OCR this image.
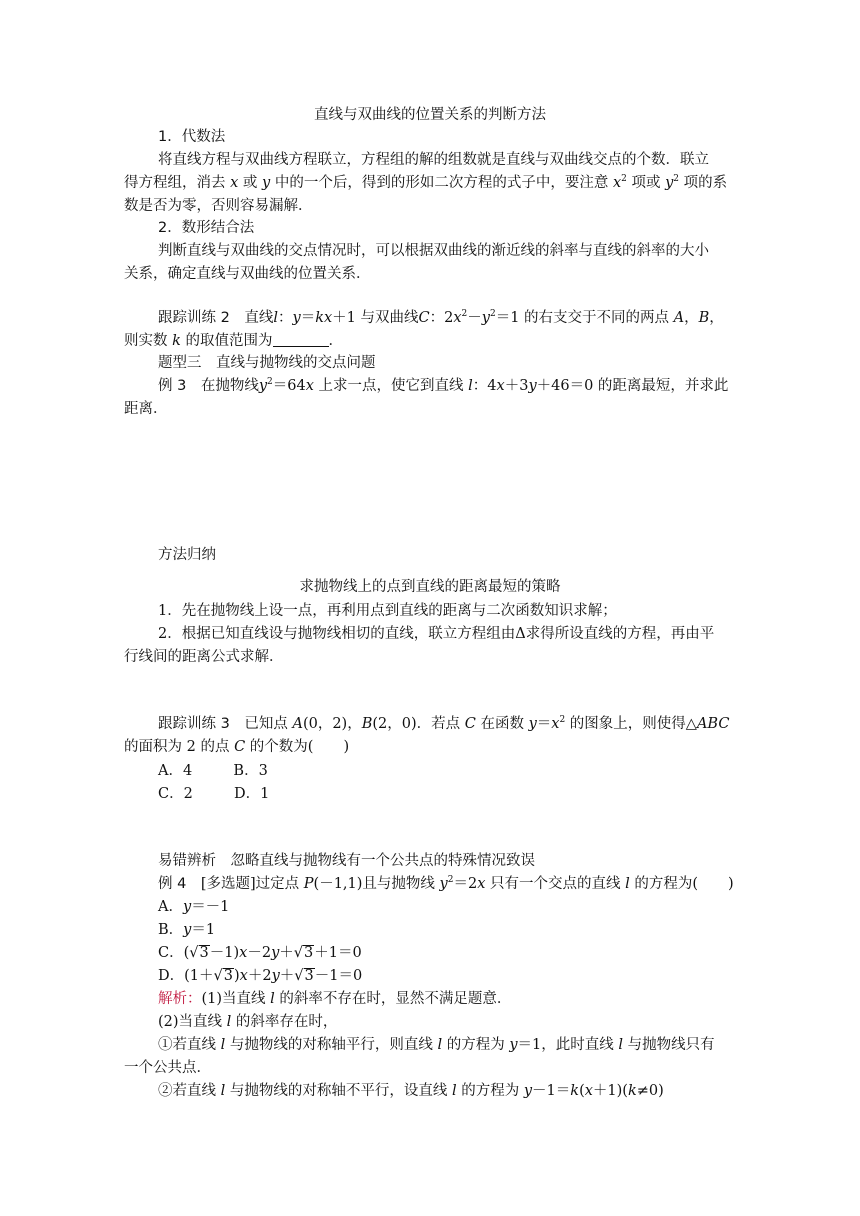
直线与双曲线的位置关系的判断方法
1．代数法
将直线方程与双曲线方程联立，方程组的解的组数就是直线与双曲线交点的个数．联立
得方程组，消去 x 或 y 中的一个后，得到的形如二次方程的式子中，要注意 $x^2$ 项或 $y^2$ 项的系
数是否为零，否则容易漏解．
2．数形结合法
判断直线与双曲线的交点情况时，可以根据双曲线的渐近线的斜率与直线的斜率的大小
关系，确定直线与双曲线的位置关系．
跟踪训练 2　 直线l：y＝kx＋1 与双曲线C：$2x^2-y^2=1$ 的右支交于不同的两点 A，B，
则实数 k 的取值范围为	．
题型三　直线与抛物线的交点问题
例 3　 在抛物线$y^2=64x$ 上求一点，使它到直线 l：4x＋3y＋46＝0 的距离最短，并求此
距离．
方法归纳
求抛物线上的点到直线的距离最短的策略
1．先在抛物线上设一点，再利用点到直线的距离与二次函数知识求解；
2．根据已知直线设与抛物线相切的直线，联立方程组由Δ求得所设直线的方程，再由平
行线间的距离公式求解．
跟踪训练 3　 已知点 A(0，2)，B(2，0)．若点 C 在函数 $y=x^2$ 的图象上，则使得△ABC
的面积为 2 的点 C 的个数为( )
A．4	B．3
C．2	D．1
易错辨析　忽略直线与抛物线有一个公共点的特殊情况致误
例 4　 [多选题]过定点 P(－1,1)且与抛物线 $y^2=2x$ 只有一个交点的直线 l 的方程为( )
A．y＝－1
B．y＝1
C．(√3－1)x－2y＋√3＋1＝0
D．(1＋√3)x＋2y＋√3－1＝0
解析：(1)当直线 l 的斜率不存在时，显然不满足题意．
(2)当直线 l 的斜率存在时，
①若直线 l 与抛物线的对称轴平行，则直线 l 的方程为 y＝1，此时直线 l 与抛物线只有
一个公共点．
②若直线 l 与抛物线的对称轴不平行，设直线 l 的方程为 y－1＝k(x＋1)(k≠0)
